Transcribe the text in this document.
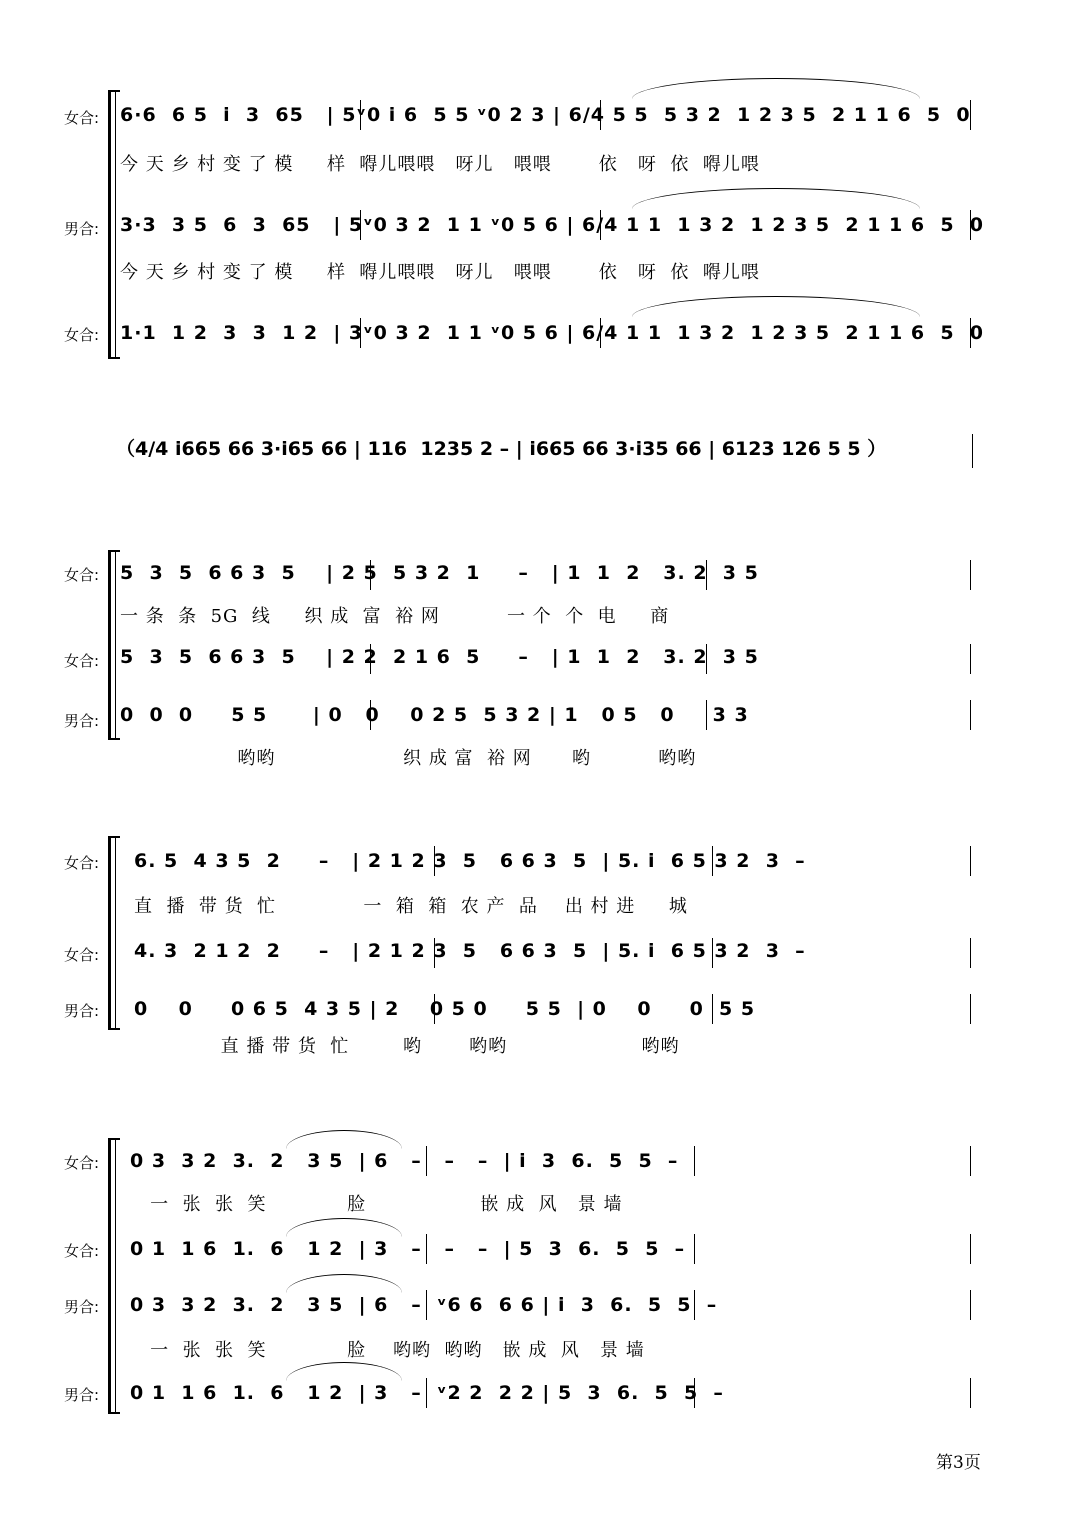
女合: 6·6  6 5  i  3  65   | 5ᵛ0 i 6  5 5 ᵛ0 2 3 | 6/4 5 5  5 3 2  1 2 3 5  2 1 1 6  5  0
今 天 乡 村 变 了 模     样  嘚儿喂喂   呀儿   喂喂       依   呀  依  嘚儿喂
男合: 3·3  3 5  6  3  65   | 5ᵛ0 3 2  1 1 ᵛ0 5 6 | 6/4 1 1  1 3 2  1 2 3 5  2 1 1 6  5  0
今 天 乡 村 变 了 模     样  嘚儿喂喂   呀儿   喂喂       依   呀  依  嘚儿喂
女合: 1·1  1 2  3  3  1 2  | 3ᵛ0 3 2  1 1 ᵛ0 5 6 | 6/4 1 1  1 3 2  1 2 3 5  2 1 1 6  5  0
（4/4 i665 66 3·i65 66 | 116  1235 2 – | i665 66 3·i35 66 | 6123 126 5 5 ）
女合: 5  3  5  6 6 3  5    | 2 5  5 3 2  1     –   | 1  1  2   3. 2  3 5
一 条  条  5G  线     织 成  富  裕 网          一 个  个  电     商
女合: 5  3  5  6 6 3  5    | 2 2  2 1 6  5     –   | 1  1  2   3. 2  3 5
男合: 0  0  0     5 5      | 0   0    0 2 5  5 3 2 | 1   0 5   0     3 3
哟哟                   织 成 富  裕 网      哟          哟哟
女合: 6. 5  4 3 5  2     –   | 2 1 2 3  5   6 6 3  5  | 5. i  6 5 3 2  3  –
直  播  带 货  忙             一  箱  箱  农 产  品    出 村 进     城
女合: 4. 3  2 1 2  2     –   | 2 1 2 3  5   6 6 3  5  | 5. i  6 5 3 2  3  –
男合: 0    0     0 6 5  4 3 5 | 2    0 5 0     5 5  | 0    0     0  5 5
直 播 带 货  忙        哟       哟哟                    哟哟
女合: 0 3  3 2  3.  2   3 5  | 6   –   –   –  | i  3  6.  5  5  –
一  张  张  笑            脸                 嵌 成  风   景 墙
女合: 0 1  1 6  1.  6   1 2  | 3   –   –   –  | 5  3  6.  5  5  –
男合: 0 3  3 2  3.  2   3 5  | 6   –  ᵛ6 6  6 6 | i  3  6.  5  5  –
一  张  张  笑            脸    哟哟  哟哟   嵌 成  风   景 墙
男合: 0 1  1 6  1.  6   1 2  | 3   –  ᵛ2 2  2 2 | 5  3  6.  5  5  –
第3页
